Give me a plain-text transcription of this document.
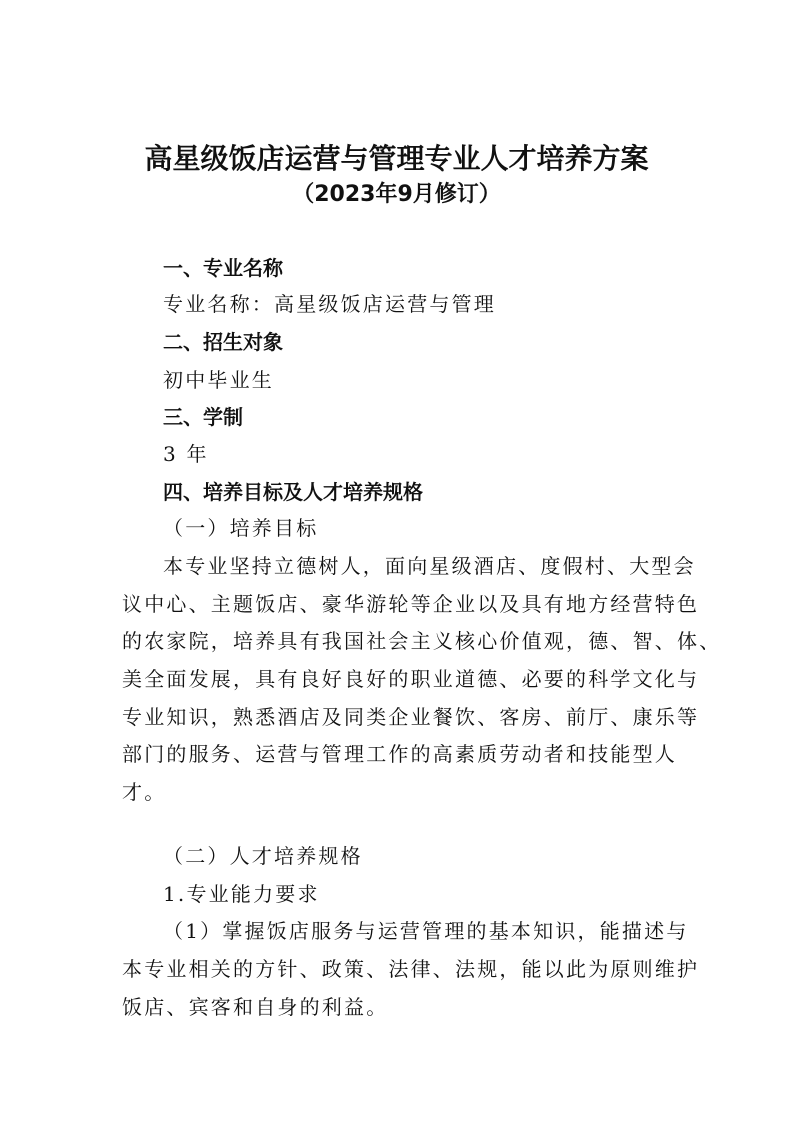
高星级饭店运营与管理专业人才培养方案
（2023年9月修订）
一、专业名称
专业名称：高星级饭店运营与管理
二、招生对象
初中毕业生
三、学制
3 年
四、培养目标及人才培养规格
（一）培养目标
本专业坚持立德树人，面向星级酒店、度假村、大型会
议中心、主题饭店、豪华游轮等企业以及具有地方经营特色
的农家院，培养具有我国社会主义核心价值观，德、智、体、
美全面发展，具有良好良好的职业道德、必要的科学文化与
专业知识，熟悉酒店及同类企业餐饮、客房、前厅、康乐等
部门的服务、运营与管理工作的高素质劳动者和技能型人
才。
（二）人才培养规格
1.专业能力要求
（1）掌握饭店服务与运营管理的基本知识，能描述与
本专业相关的方针、政策、法律、法规，能以此为原则维护
饭店、宾客和自身的利益。
